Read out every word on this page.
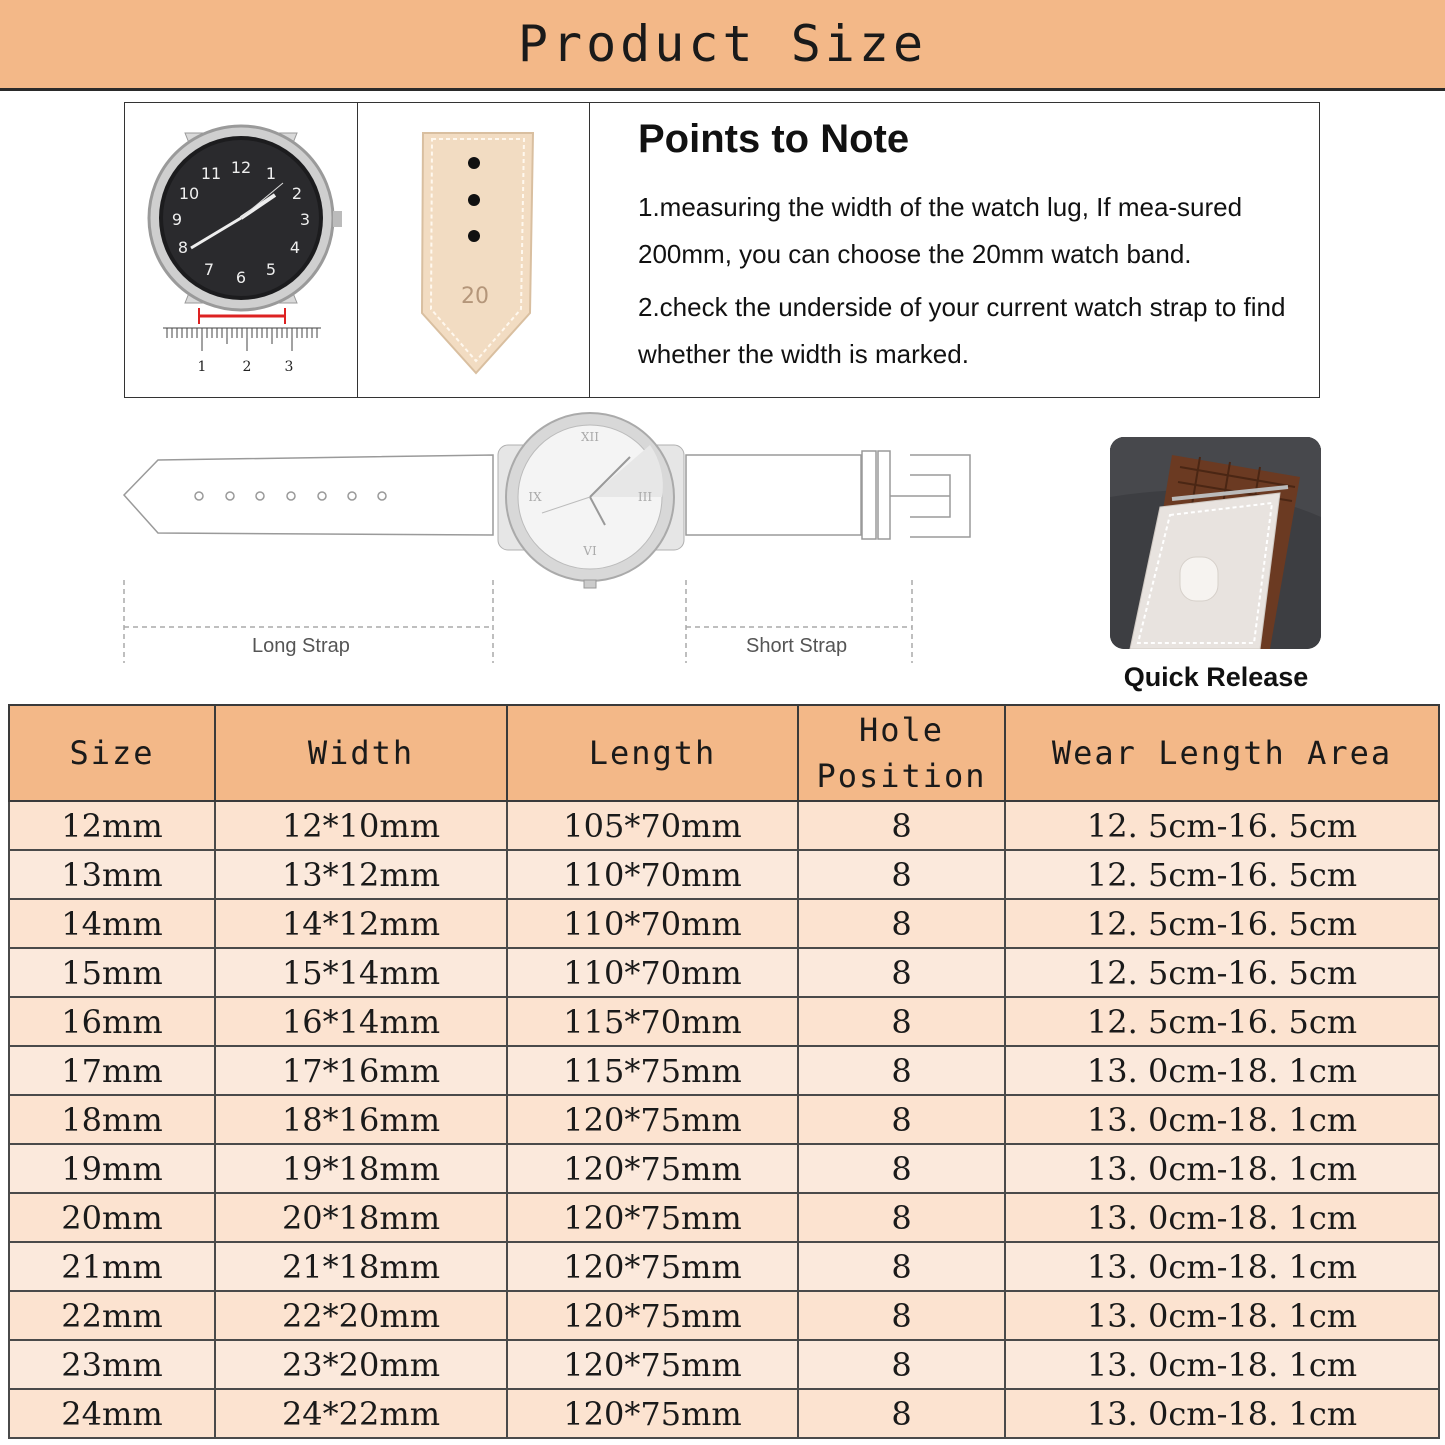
Product Size
12
11
10
9
8
7 6 5
4
3
2
1
1	2 3
20

Points to Note

1.measuring the width of the watch lug, If mea-sured 200mm, you can choose the 20mm watch band.

2.check the underside of your current watch strap to find whether the width is marked.

XII
III
VI
IX
Long Strap	Short Strap
Quick Release
Size	Width	Length	Hole Position	Wear Length Area
12mm	12*10mm	105*70mm	8	12. 5cm-16. 5cm
13mm	13*12mm	110*70mm	8	12. 5cm-16. 5cm
14mm	14*12mm	110*70mm	8	12. 5cm-16. 5cm
15mm	15*14mm	110*70mm	8	12. 5cm-16. 5cm
16mm	16*14mm	115*70mm	8	12. 5cm-16. 5cm
17mm	17*16mm	115*75mm	8	13. 0cm-18. 1cm
18mm	18*16mm	120*75mm	8	13. 0cm-18. 1cm
19mm	19*18mm	120*75mm	8	13. 0cm-18. 1cm
20mm	20*18mm	120*75mm	8	13. 0cm-18. 1cm
21mm	21*18mm	120*75mm	8	13. 0cm-18. 1cm
22mm	22*20mm	120*75mm	8	13. 0cm-18. 1cm
23mm	23*20mm	120*75mm	8	13. 0cm-18. 1cm
24mm	24*22mm	120*75mm	8	13. 0cm-18. 1cm
